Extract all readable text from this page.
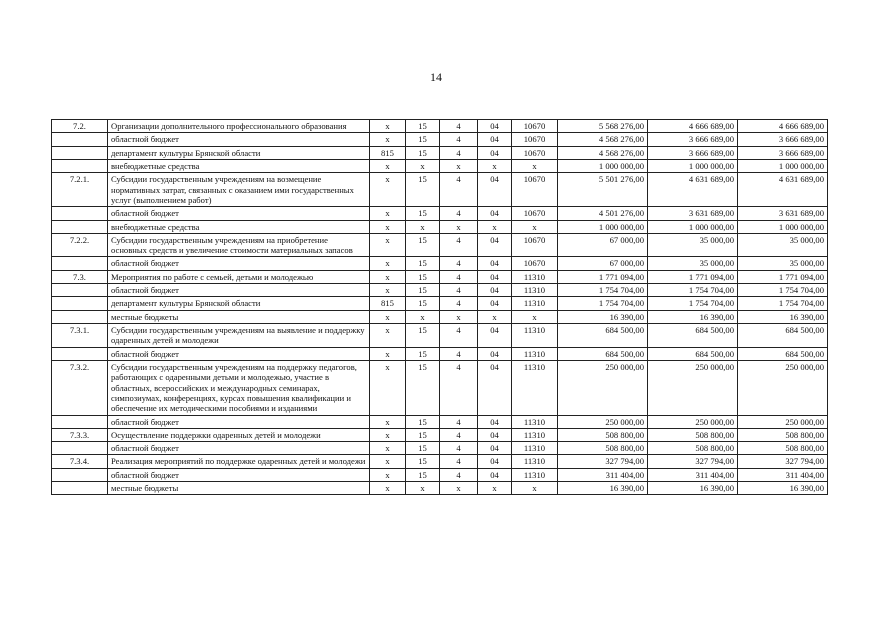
14
7.2.	Организации дополнительного профессионального образования	x	15	4	04	10670	5 568 276,00	4 666 689,00	4 666 689,00
	областной бюджет	x	15	4	04	10670	4 568 276,00	3 666 689,00	3 666 689,00
	департамент культуры Брянской области	815	15	4	04	10670	4 568 276,00	3 666 689,00	3 666 689,00
	внебюджетные средства	x	x	x	x	x	1 000 000,00	1 000 000,00	1 000 000,00
7.2.1.	Субсидии государственным учреждениям на возмещение нормативных затрат, связанных с оказанием ими государственных услуг (выполнением работ)	x	15	4	04	10670	5 501 276,00	4 631 689,00	4 631 689,00
	областной бюджет	x	15	4	04	10670	4 501 276,00	3 631 689,00	3 631 689,00
	внебюджетные средства	x	x	x	x	x	1 000 000,00	1 000 000,00	1 000 000,00
7.2.2.	Субсидии государственным учреждениям на приобретение основных средств и увеличение стоимости материальных запасов	x	15	4	04	10670	67 000,00	35 000,00	35 000,00
	областной бюджет	x	15	4	04	10670	67 000,00	35 000,00	35 000,00
7.3.	Мероприятия по работе с семьей, детьми и молодежью	x	15	4	04	11310	1 771 094,00	1 771 094,00	1 771 094,00
	областной бюджет	x	15	4	04	11310	1 754 704,00	1 754 704,00	1 754 704,00
	департамент культуры Брянской области	815	15	4	04	11310	1 754 704,00	1 754 704,00	1 754 704,00
	местные бюджеты	x	x	x	x	x	16 390,00	16 390,00	16 390,00
7.3.1.	Субсидии государственным учреждениям на выявление и поддержку одаренных детей и молодежи	x	15	4	04	11310	684 500,00	684 500,00	684 500,00
	областной бюджет	x	15	4	04	11310	684 500,00	684 500,00	684 500,00
7.3.2.	Субсидии государственным учреждениям на поддержку педагогов, работающих с одаренными детьми и молодежью, участие в областных, всероссийских и международных семинарах, симпозиумах, конференциях, курсах повышения квалификации и обеспечение их методическими пособиями и изданиями	x	15	4	04	11310	250 000,00	250 000,00	250 000,00
	областной бюджет	x	15	4	04	11310	250 000,00	250 000,00	250 000,00
7.3.3.	Осуществление поддержки одаренных детей и молодежи	x	15	4	04	11310	508 800,00	508 800,00	508 800,00
	областной бюджет	x	15	4	04	11310	508 800,00	508 800,00	508 800,00
7.3.4.	Реализация мероприятий по поддержке одаренных детей и молодежи	x	15	4	04	11310	327 794,00	327 794,00	327 794,00
	областной бюджет	x	15	4	04	11310	311 404,00	311 404,00	311 404,00
	местные бюджеты	x	x	x	x	x	16 390,00	16 390,00	16 390,00
